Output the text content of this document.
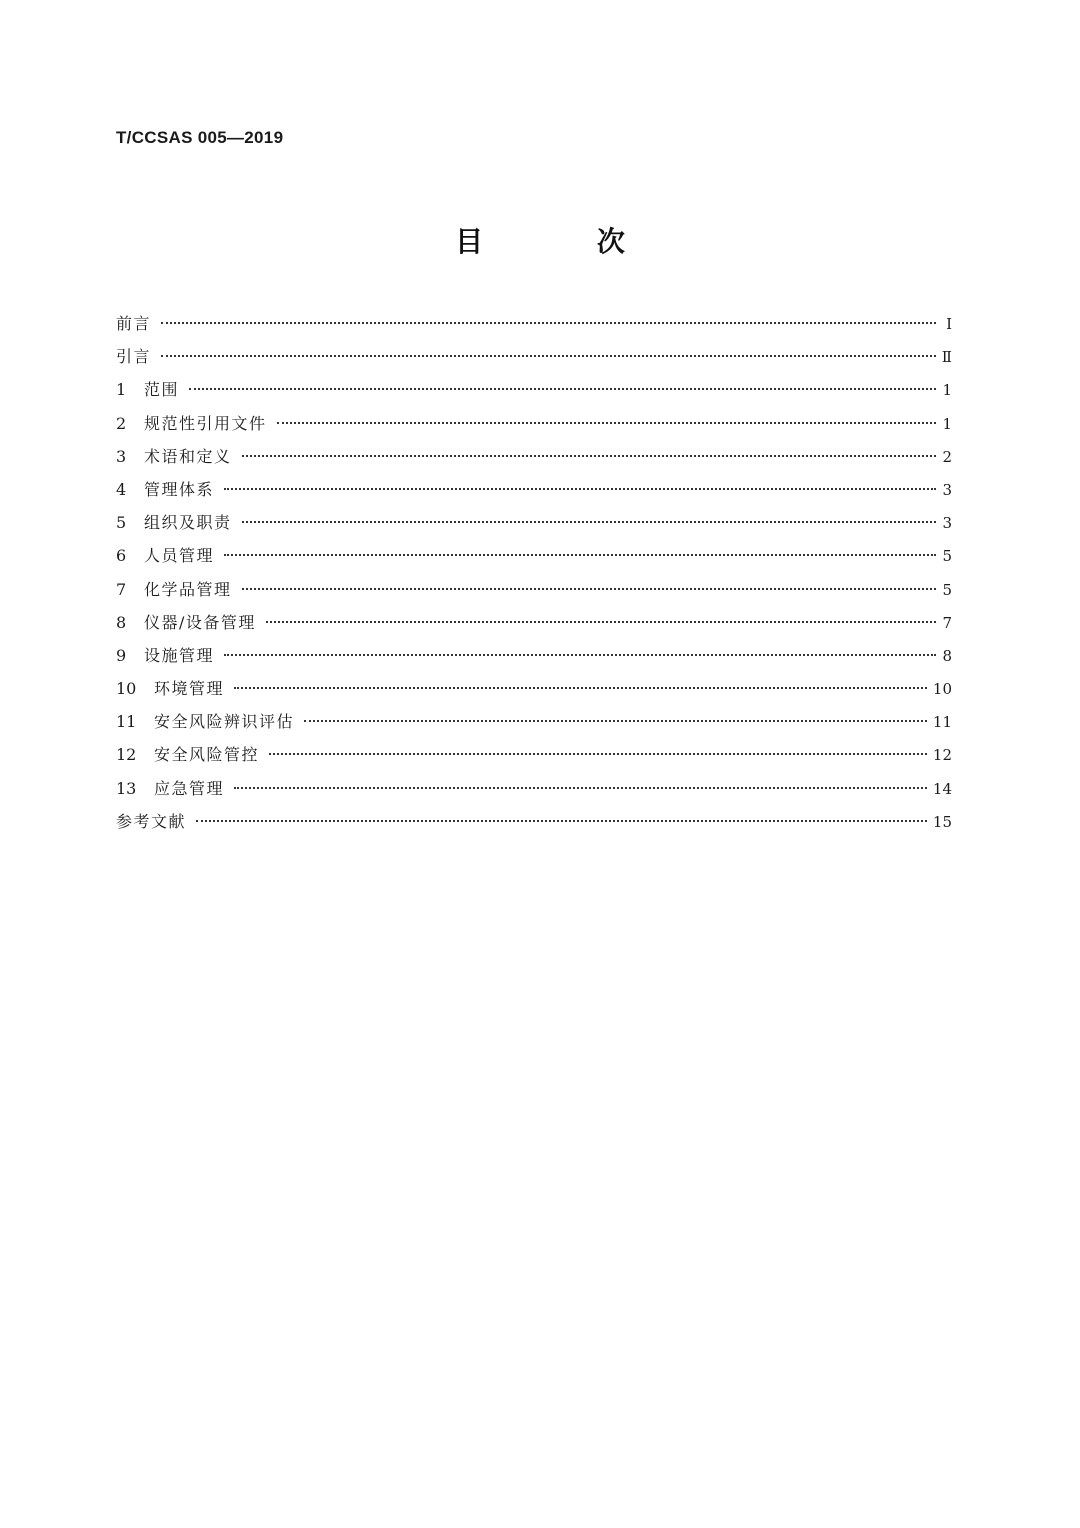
T/CCSAS 005—2019
目 次
前言	Ⅰ
引言	Ⅱ
1	范围	1
2	规范性引用文件	1
3	术语和定义	2
4	管理体系	3
5	组织及职责	3
6	人员管理	5
7	化学品管理	5
8	仪器/设备管理	7
9	设施管理	8
10	环境管理	10
11	安全风险辨识评估	11
12	安全风险管控	12
13	应急管理	14
参考文献	15
